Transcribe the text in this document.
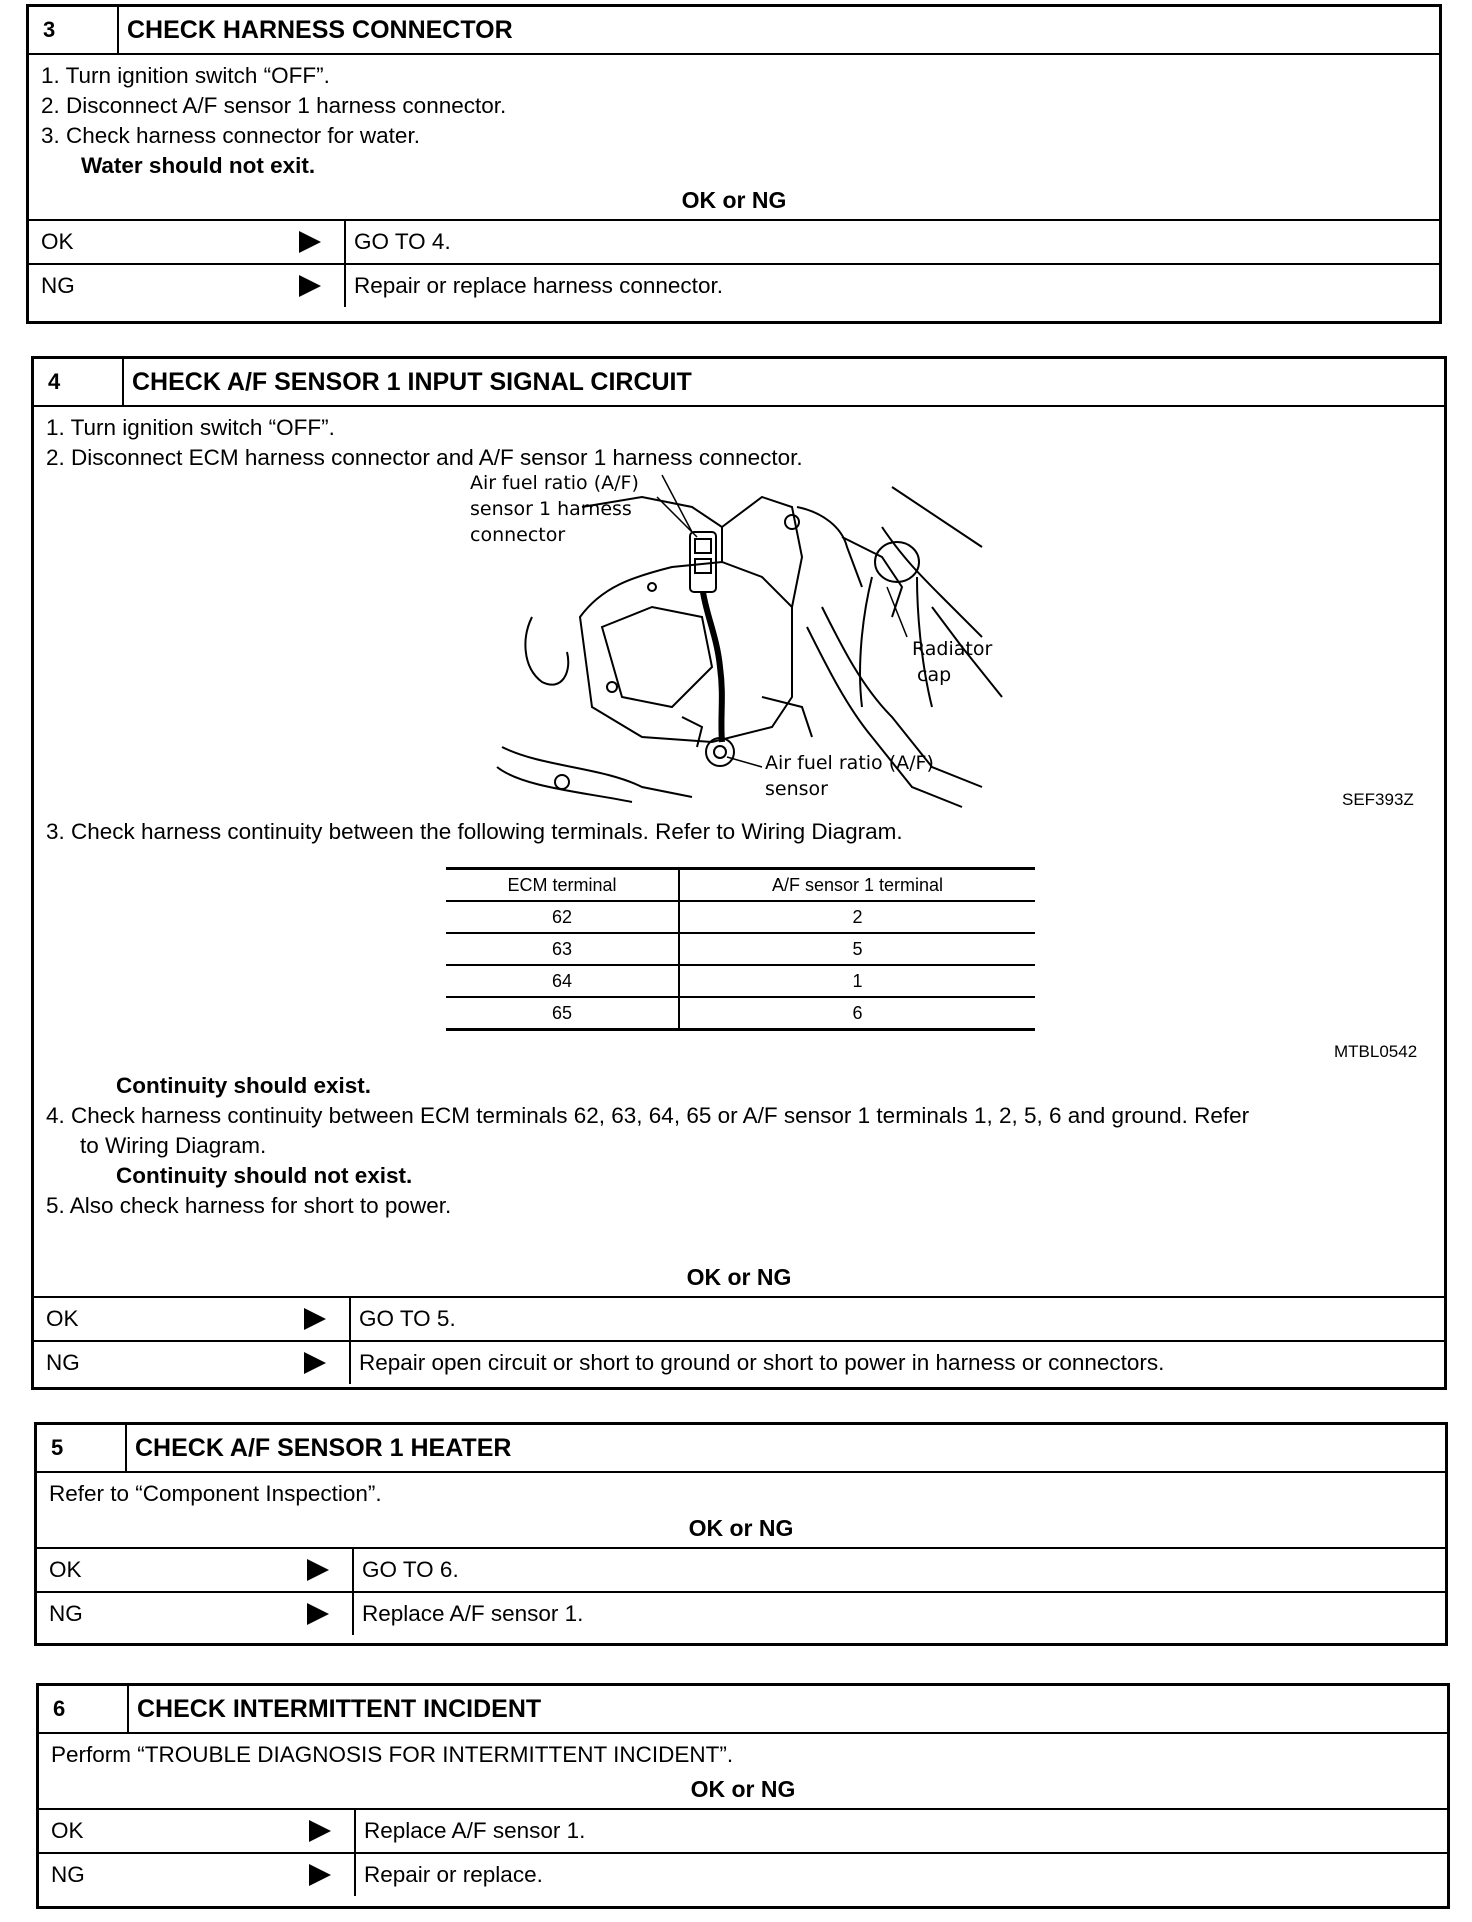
3	CHECK HARNESS CONNECTOR
1. Turn ignition switch “OFF”.
2. Disconnect A/F sensor 1 harness connector.
3. Check harness connector for water.
Water should not exit.
OK or NG
OK	GO TO 4.
NG	Repair or replace harness connector.
4	CHECK A/F SENSOR 1 INPUT SIGNAL CIRCUIT
1. Turn ignition switch “OFF”.
2. Disconnect ECM harness connector and A/F sensor 1 harness connector.
Air fuel ratio (A/F)
sensor 1 harness
connector
Radiator
cap
Air fuel ratio (A/F)
sensor	SEF393Z
3. Check harness continuity between the following terminals. Refer to Wiring Diagram.
ECM terminal	A/F sensor 1 terminal
62	2
63	5
64	1
65	6
MTBL0542
Continuity should exist.
4. Check harness continuity between ECM terminals 62, 63, 64, 65 or A/F sensor 1 terminals 1, 2, 5, 6 and ground. Refer
to Wiring Diagram.
Continuity should not exist.
5. Also check harness for short to power.
OK or NG
OK	GO TO 5.
NG	Repair open circuit or short to ground or short to power in harness or connectors.
5	CHECK A/F SENSOR 1 HEATER
Refer to “Component Inspection”.
OK or NG
OK	GO TO 6.
NG	Replace A/F sensor 1.
6	CHECK INTERMITTENT INCIDENT
Perform “TROUBLE DIAGNOSIS FOR INTERMITTENT INCIDENT”.
OK or NG
OK	Replace A/F sensor 1.
NG	Repair or replace.
